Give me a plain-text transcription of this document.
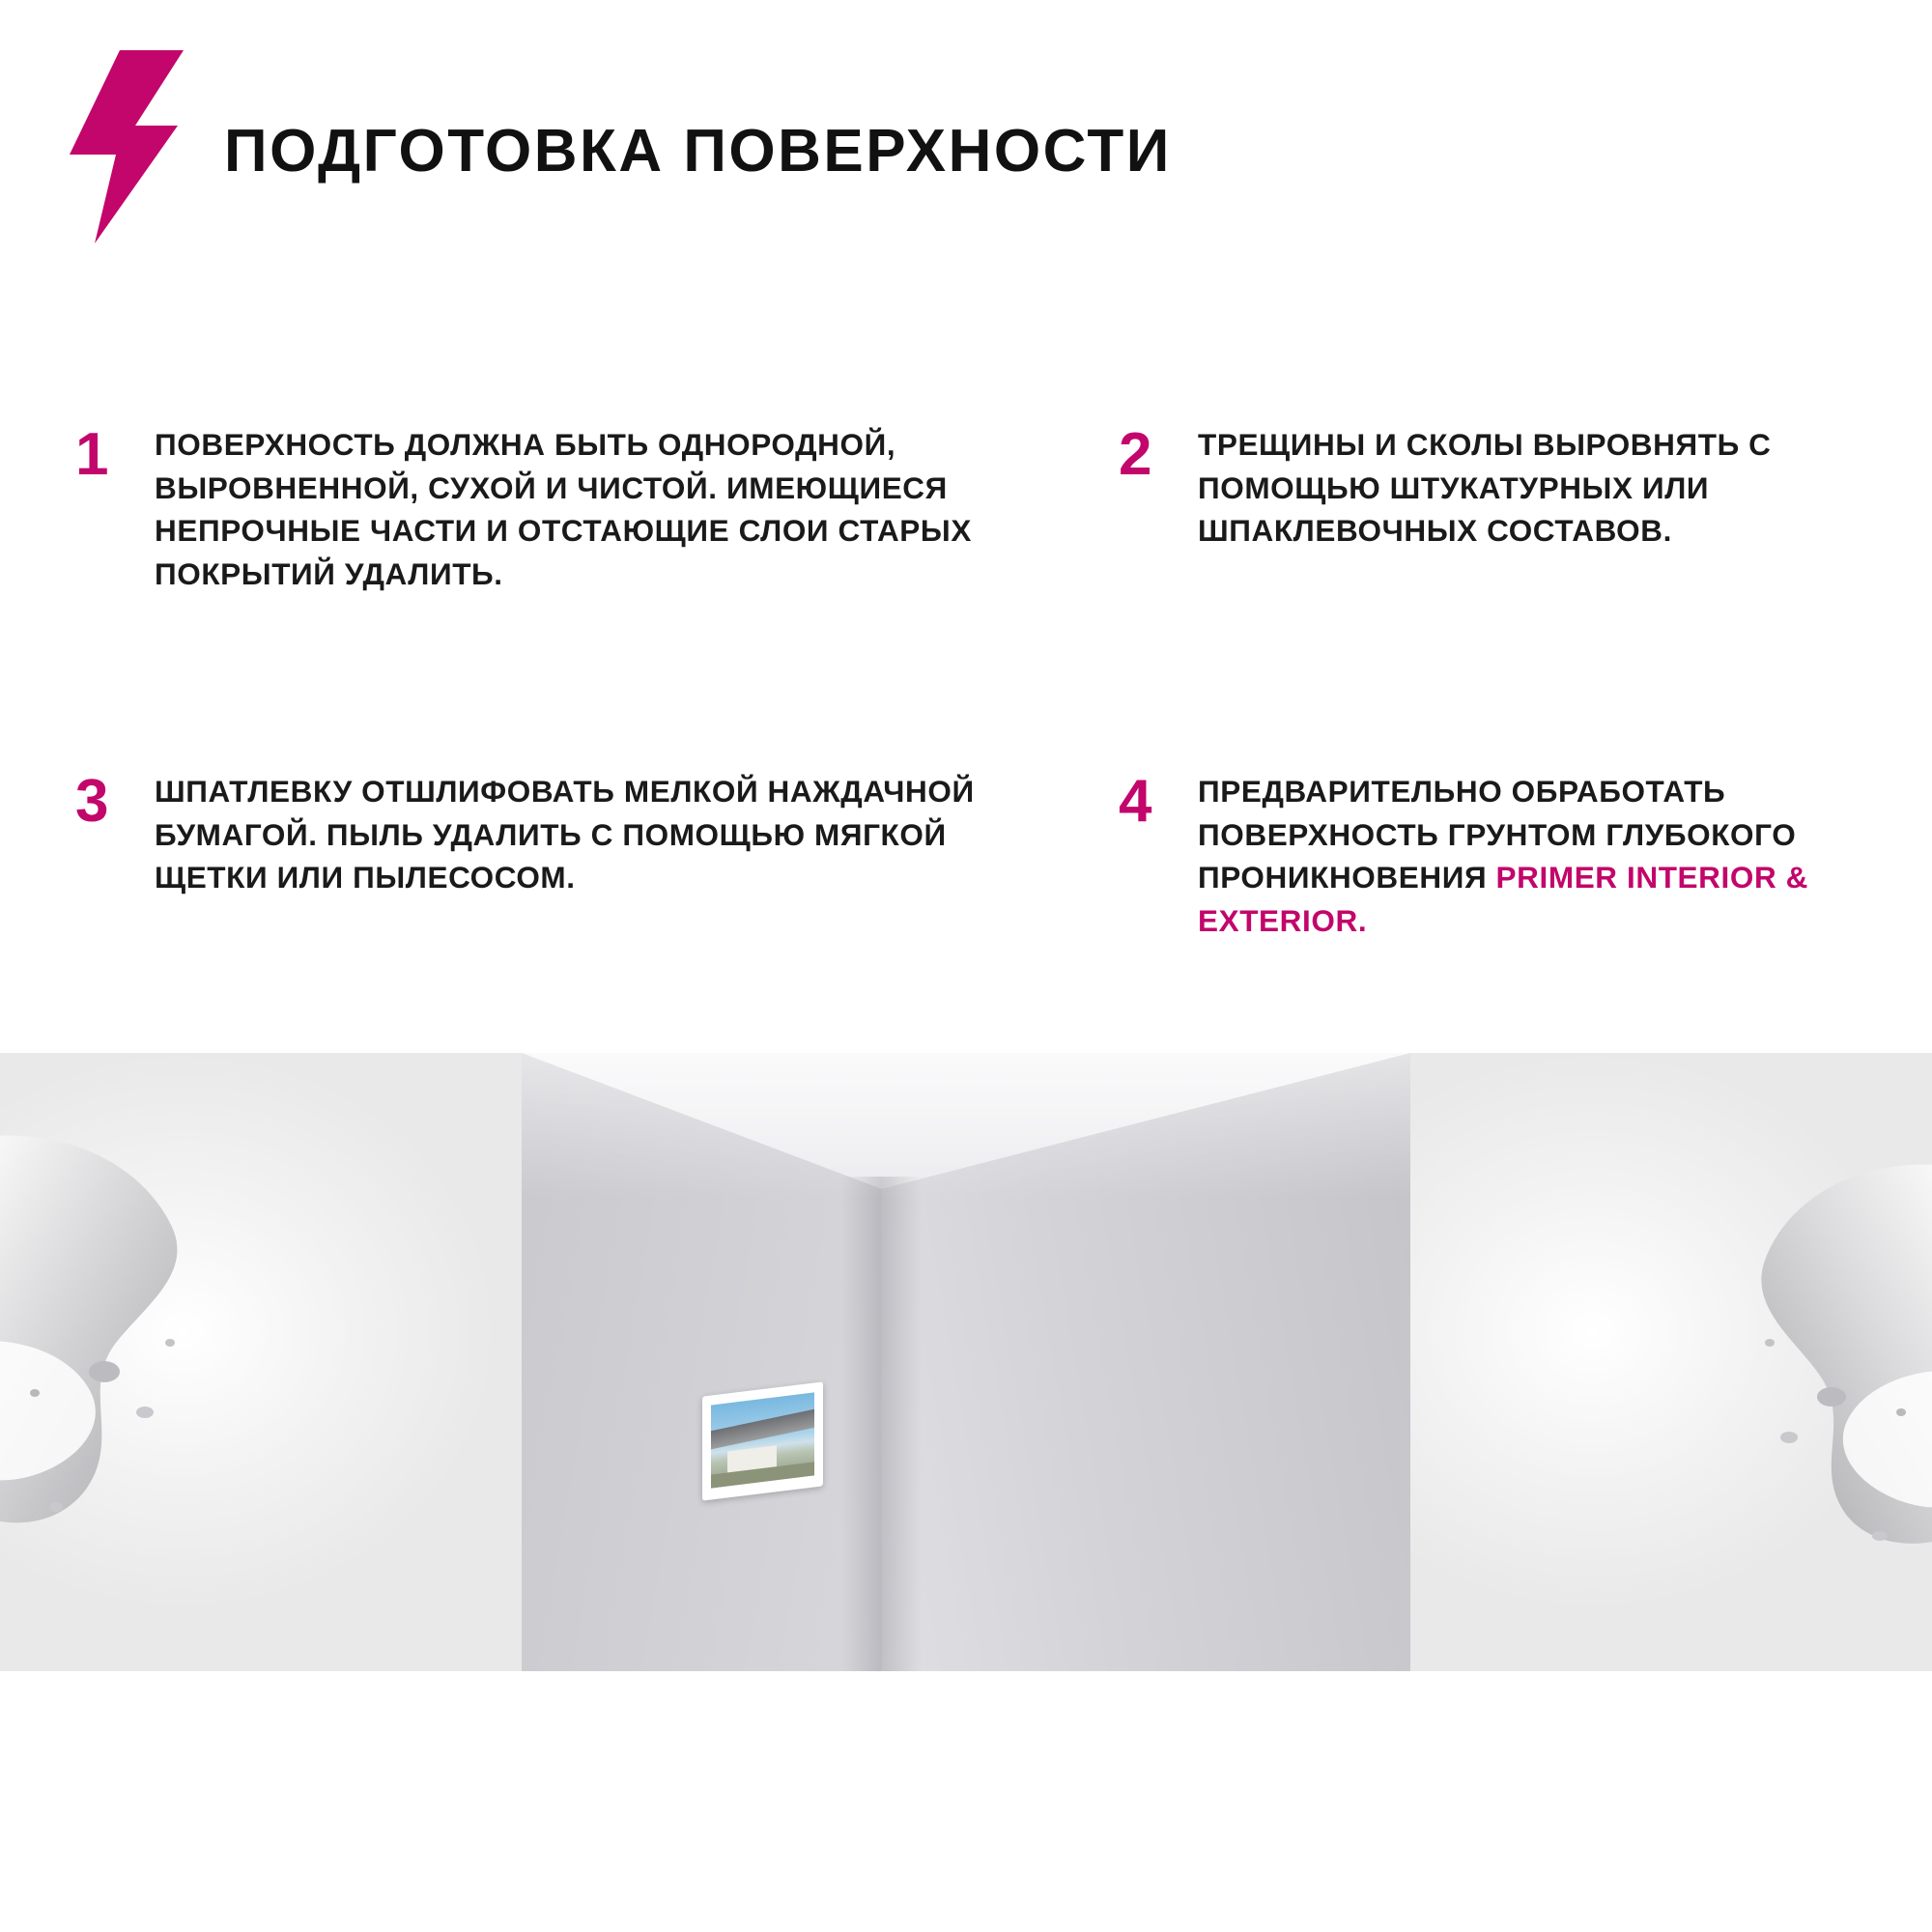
ПОДГОТОВКА ПОВЕРХНОСТИ
1	ПОВЕРХНОСТЬ ДОЛЖНА БЫТЬ ОДНОРОДНОЙ, ВЫРОВНЕННОЙ, СУХОЙ И ЧИСТОЙ. ИМЕЮЩИЕСЯ НЕПРОЧНЫЕ ЧАСТИ И ОТСТАЮЩИЕ СЛОИ СТАРЫХ ПОКРЫТИЙ УДАЛИТЬ.
2	ТРЕЩИНЫ И СКОЛЫ ВЫРОВНЯТЬ С ПОМОЩЬЮ ШТУКАТУРНЫХ ИЛИ ШПАКЛЕВОЧНЫХ СОСТАВОВ.
3	ШПАТЛЕВКУ ОТШЛИФОВАТЬ МЕЛКОЙ НАЖДАЧНОЙ БУМАГОЙ. ПЫЛЬ УДАЛИТЬ С ПОМОЩЬЮ МЯГКОЙ ЩЕТКИ ИЛИ ПЫЛЕСОСОМ.
4	ПРЕДВАРИТЕЛЬНО ОБРАБОТАТЬ ПОВЕРХНОСТЬ ГРУНТОМ ГЛУБОКОГО ПРОНИКНОВЕНИЯ PRIMER INTERIOR & EXTERIOR.
